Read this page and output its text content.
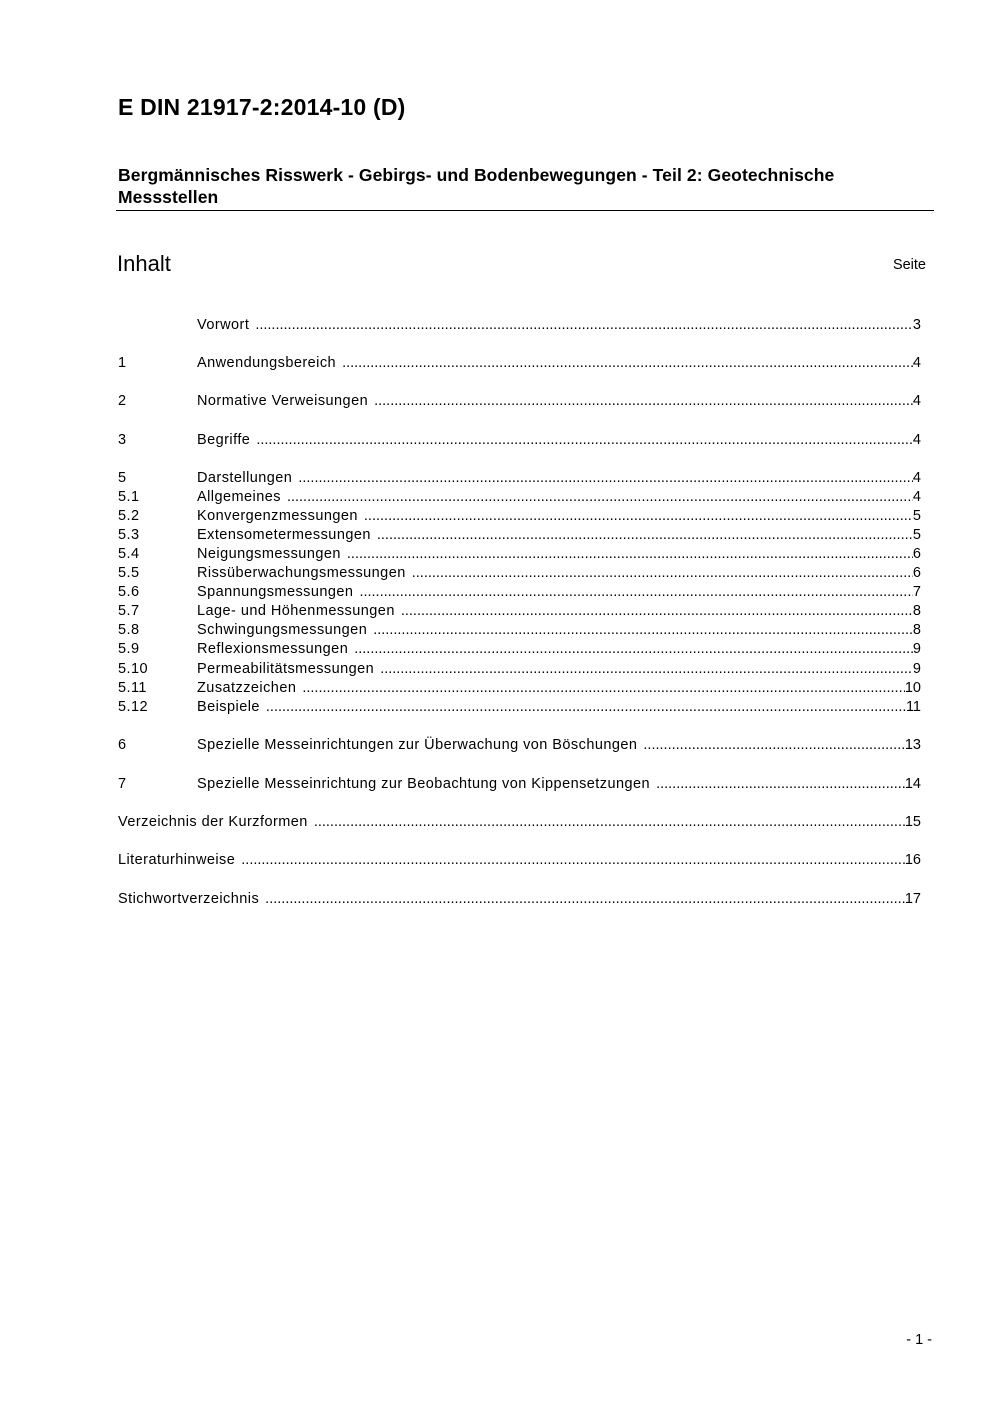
E DIN 21917-2:2014-10 (D)
Bergmännisches Risswerk - Gebirgs- und Bodenbewegungen - Teil 2: Geotechnische Messstellen
Inhalt	Seite
Vorwort .....	3
1	Anwendungsbereich .....	4
2	Normative Verweisungen .....	4
3	Begriffe .....	4
5	Darstellungen .....	4
5.1	Allgemeines .....	4
5.2	Konvergenzmessungen .....	5
5.3	Extensometermessungen .....	5
5.4	Neigungsmessungen .....	6
5.5	Rissüberwachungsmessungen .....	6
5.6	Spannungsmessungen .....	7
5.7	Lage- und Höhenmessungen .....	8
5.8	Schwingungsmessungen .....	8
5.9	Reflexionsmessungen .....	9
5.10	Permeabilitätsmessungen .....	9
5.11	Zusatzzeichen .....	10
5.12	Beispiele .....	11
6	Spezielle Messeinrichtungen zur Überwachung von Böschungen .....	13
7	Spezielle Messeinrichtung zur Beobachtung von Kippensetzungen .....	14
Verzeichnis der Kurzformen .....	15
Literaturhinweise .....	16
Stichwortverzeichnis .....	17
- 1 -
